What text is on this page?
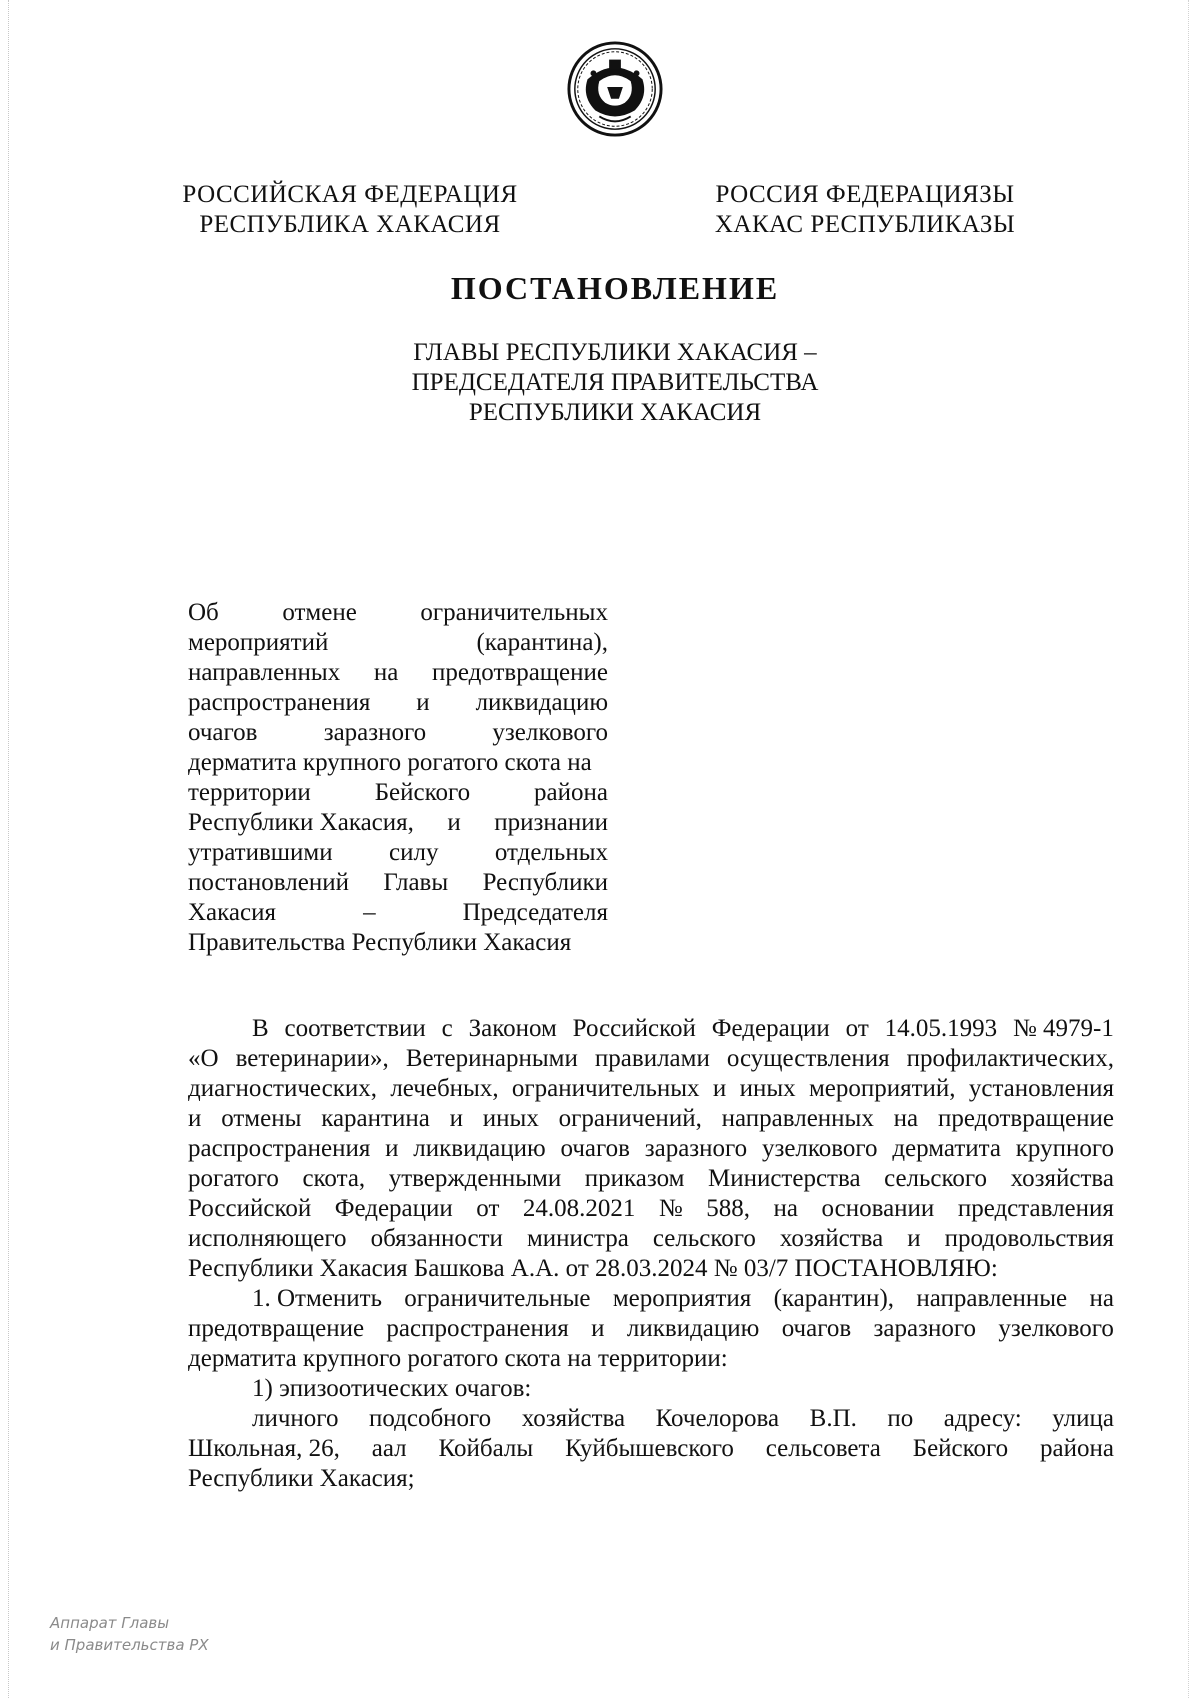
РОССИЙСКАЯ ФЕДЕРАЦИЯ
РЕСПУБЛИКА ХАКАСИЯ
РОССИЯ ФЕДЕРАЦИЯЗЫ
ХАКАС РЕСПУБЛИКАЗЫ
ПОСТАНОВЛЕНИЕ
ГЛАВЫ РЕСПУБЛИКИ ХАКАСИЯ –
ПРЕДСЕДАТЕЛЯ ПРАВИТЕЛЬСТВА
РЕСПУБЛИКИ ХАКАСИЯ
Об	отмене	ограничительных
мероприятий	(карантина),
направленных на предотвращение
распространения и ликвидацию
очагов	заразного	узелкового
дерматита крупного рогатого скота на
территории	Бейского	района
Республики Хакасия, и признании
утратившими силу отдельных
постановлений Главы Республики
Хакасия	–	Председателя
Правительства Республики Хакасия
В соответствии с Законом Российской Федерации от 14.05.1993 № 4979-1
«О ветеринарии», Ветеринарными правилами осуществления профилактических,
диагностических, лечебных, ограничительных и иных мероприятий, установления
и отмены карантина и иных ограничений, направленных на предотвращение
распространения и ликвидацию очагов заразного узелкового дерматита крупного
рогатого скота, утвержденными приказом Министерства сельского хозяйства
Российской Федерации от 24.08.2021 № 588, на основании представления
исполняющего обязанности министра сельского хозяйства и продовольствия
Республики Хакасия Башкова А.А. от 28.03.2024 № 03/7 ПОСТАНОВЛЯЮ:
1. Отменить ограничительные мероприятия (карантин), направленные на
предотвращение распространения и ликвидацию очагов заразного узелкового
дерматита крупного рогатого скота на территории:
1) эпизоотических очагов:
личного подсобного хозяйства Кочелорова В.П. по адресу: улица
Школьная, 26, аал Койбалы Куйбышевского сельсовета Бейского района
Республики Хакасия;
Аппарат Главы
и Правительства РХ
